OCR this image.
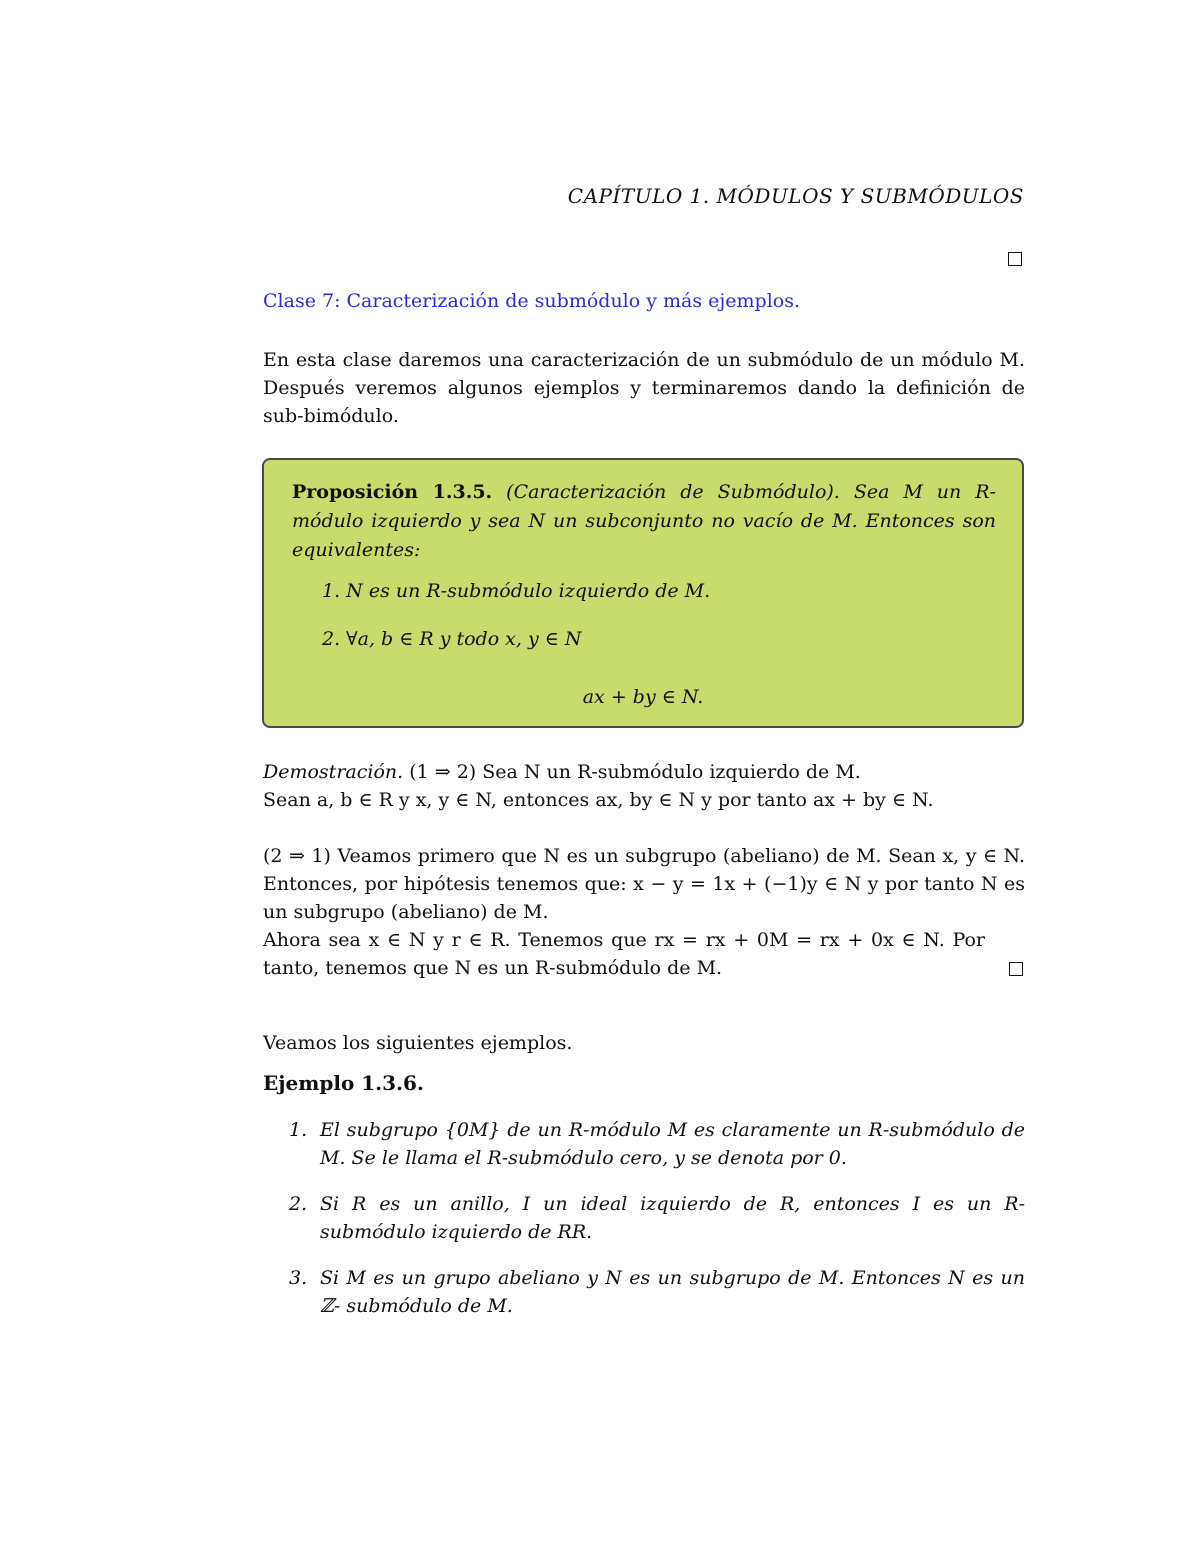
CAPÍTULO 1. MÓDULOS Y SUBMÓDULOS
Clase 7: Caracterización de submódulo y más ejemplos.
En esta clase daremos una caracterización de un submódulo de un módulo M. Después veremos algunos ejemplos y terminaremos dando la definición de sub-bimódulo.
Proposición 1.3.5. (Caracterización de Submódulo). Sea M un R-módulo izquierdo y sea N un subconjunto no vacío de M. Entonces son equivalentes:
1. N es un R-submódulo izquierdo de M.
2. ∀a, b ∈ R y todo x, y ∈ N
ax + by ∈ N.

Demostración. (1 ⇒ 2) Sea N un R-submódulo izquierdo de M.

Sean a, b ∈ R y x, y ∈ N, entonces ax, by ∈ N y por tanto ax + by ∈ N.

(2 ⇒ 1) Veamos primero que N es un subgrupo (abeliano) de M. Sean x, y ∈ N. Entonces, por hipótesis tenemos que: x − y = 1x + (−1)y ∈ N y por tanto N es un subgrupo (abeliano) de M.

Ahora sea x ∈ N y r ∈ R. Tenemos que rx = rx + 0M = rx + 0x ∈ N. Por tanto, tenemos que N es un R-submódulo de M.

Veamos los siguientes ejemplos.
Ejemplo 1.3.6.
1. El subgrupo {0M} de un R-módulo M es claramente un R-submódulo de M. Se le llama el R-submódulo cero, y se denota por 0.
2. Si R es un anillo, I un ideal izquierdo de R, entonces I es un R-submódulo izquierdo de RR.
3. Si M es un grupo abeliano y N es un subgrupo de M. Entonces N es un ℤ- submódulo de M.
